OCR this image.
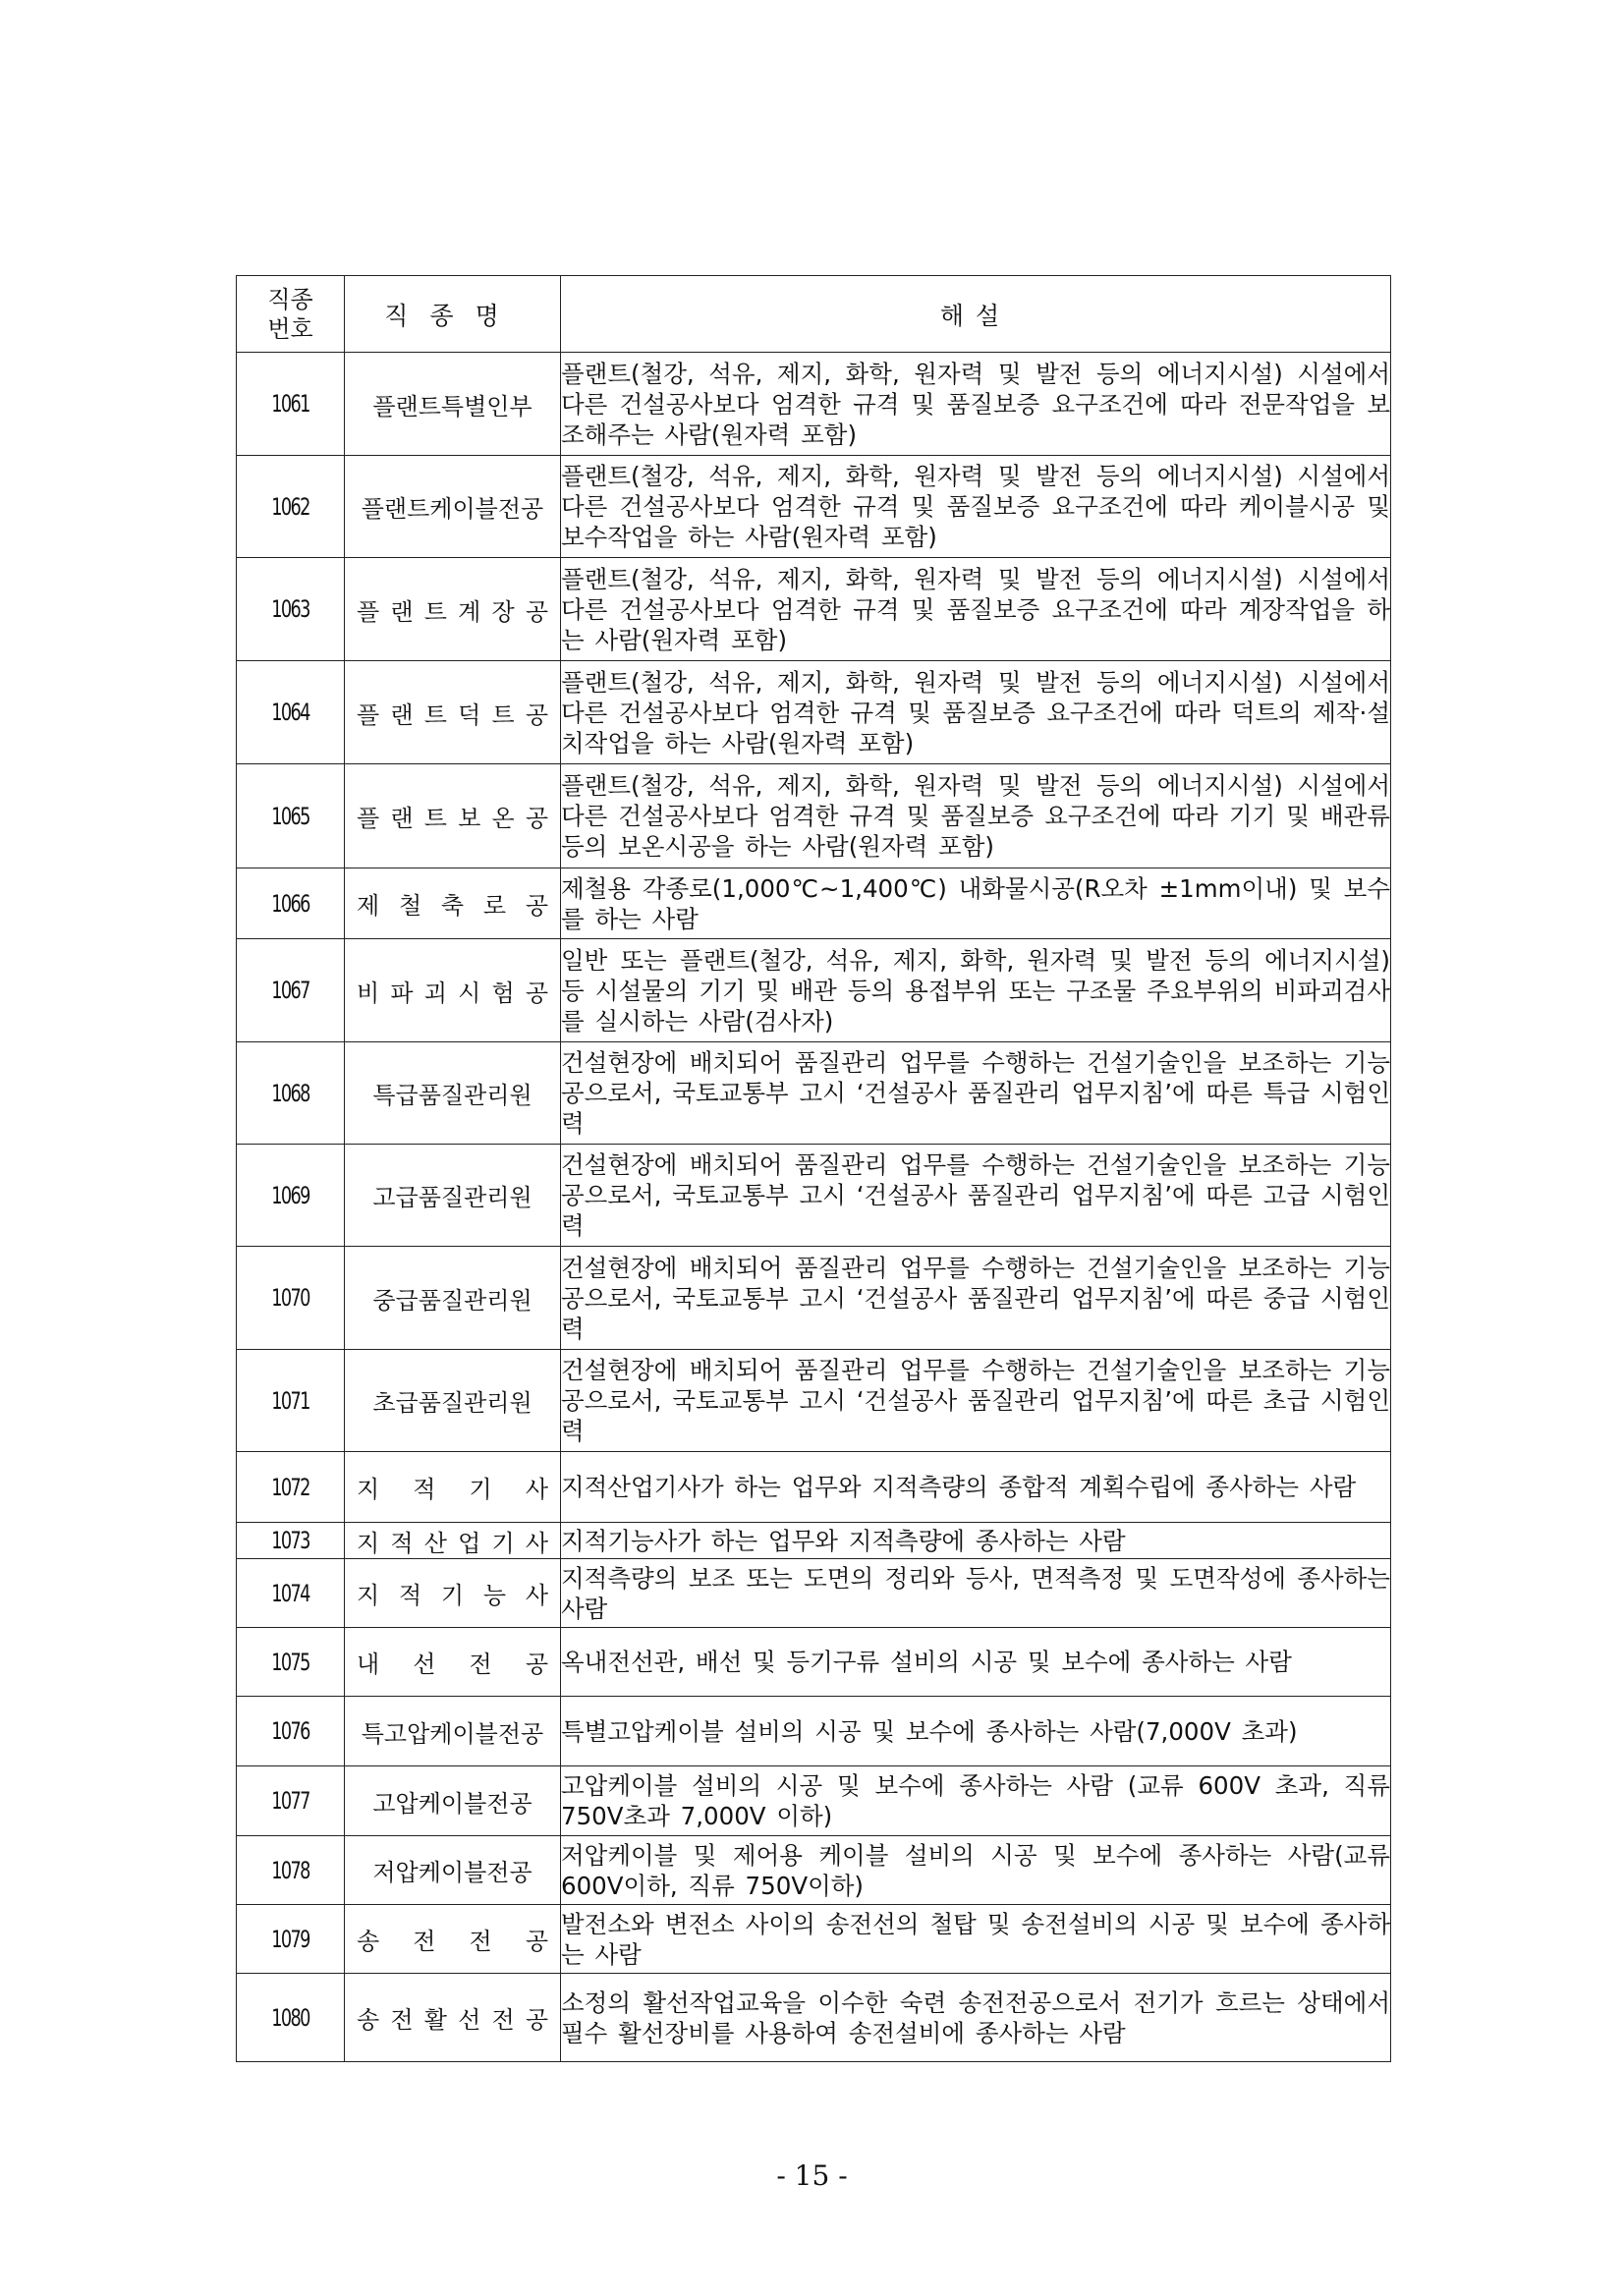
직종
번호	직종명	해설
1061	플랜트특별인부	플랜트(철강, 석유, 제지, 화학, 원자력 및 발전 등의 에너지시설) 시설에서 다른 건설공사보다 엄격한 규격 및 품질보증 요구조건에 따라 전문작업을 보조해주는 사람(원자력 포함)
1062	플랜트케이블전공	플랜트(철강, 석유, 제지, 화학, 원자력 및 발전 등의 에너지시설) 시설에서 다른 건설공사보다 엄격한 규격 및 품질보증 요구조건에 따라 케이블시공 및 보수작업을 하는 사람(원자력 포함)
1063	플 랜 트 계 장 공	플랜트(철강, 석유, 제지, 화학, 원자력 및 발전 등의 에너지시설) 시설에서 다른 건설공사보다 엄격한 규격 및 품질보증 요구조건에 따라 계장작업을 하는 사람(원자력 포함)
1064	플 랜 트 덕 트 공	플랜트(철강, 석유, 제지, 화학, 원자력 및 발전 등의 에너지시설) 시설에서 다른 건설공사보다 엄격한 규격 및 품질보증 요구조건에 따라 덕트의 제작·설치작업을 하는 사람(원자력 포함)
1065	플 랜 트 보 온 공	플랜트(철강, 석유, 제지, 화학, 원자력 및 발전 등의 에너지시설) 시설에서 다른 건설공사보다 엄격한 규격 및 품질보증 요구조건에 따라 기기 및 배관류 등의 보온시공을 하는 사람(원자력 포함)
1066	제 철 축 로 공	제철용 각종로(1,000℃~1,400℃) 내화물시공(R오차 ±1mm이내) 및 보수를 하는 사람
1067	비 파 괴 시 험 공	일반 또는 플랜트(철강, 석유, 제지, 화학, 원자력 및 발전 등의 에너지시설) 등 시설물의 기기 및 배관 등의 용접부위 또는 구조물 주요부위의 비파괴검사를 실시하는 사람(검사자)
1068	특급품질관리원	건설현장에 배치되어 품질관리 업무를 수행하는 건설기술인을 보조하는 기능공으로서, 국토교통부 고시 ‘건설공사 품질관리 업무지침’에 따른 특급 시험인력
1069	고급품질관리원	건설현장에 배치되어 품질관리 업무를 수행하는 건설기술인을 보조하는 기능공으로서, 국토교통부 고시 ‘건설공사 품질관리 업무지침’에 따른 고급 시험인력
1070	중급품질관리원	건설현장에 배치되어 품질관리 업무를 수행하는 건설기술인을 보조하는 기능공으로서, 국토교통부 고시 ‘건설공사 품질관리 업무지침’에 따른 중급 시험인력
1071	초급품질관리원	건설현장에 배치되어 품질관리 업무를 수행하는 건설기술인을 보조하는 기능공으로서, 국토교통부 고시 ‘건설공사 품질관리 업무지침’에 따른 초급 시험인력
1072	지 적 기 사	지적산업기사가 하는 업무와 지적측량의 종합적 계획수립에 종사하는 사람
1073	지 적 산 업 기 사	지적기능사가 하는 업무와 지적측량에 종사하는 사람
1074	지 적 기 능 사	지적측량의 보조 또는 도면의 정리와 등사, 면적측정 및 도면작성에 종사하는 사람
1075	내 선 전 공	옥내전선관, 배선 및 등기구류 설비의 시공 및 보수에 종사하는 사람
1076	특고압케이블전공	특별고압케이블 설비의 시공 및 보수에 종사하는 사람(7,000V 초과)
1077	고압케이블전공	고압케이블 설비의 시공 및 보수에 종사하는 사람 (교류 600V 초과, 직류 750V초과 7,000V 이하)
1078	저압케이블전공	저압케이블 및 제어용 케이블 설비의 시공 및 보수에 종사하는 사람(교류 600V이하, 직류 750V이하)
1079	송 전 전 공	발전소와 변전소 사이의 송전선의 철탑 및 송전설비의 시공 및 보수에 종사하는 사람
1080	송 전 활 선 전 공	소정의 활선작업교육을 이수한 숙련 송전전공으로서 전기가 흐르는 상태에서 필수 활선장비를 사용하여 송전설비에 종사하는 사람
- 15 -
